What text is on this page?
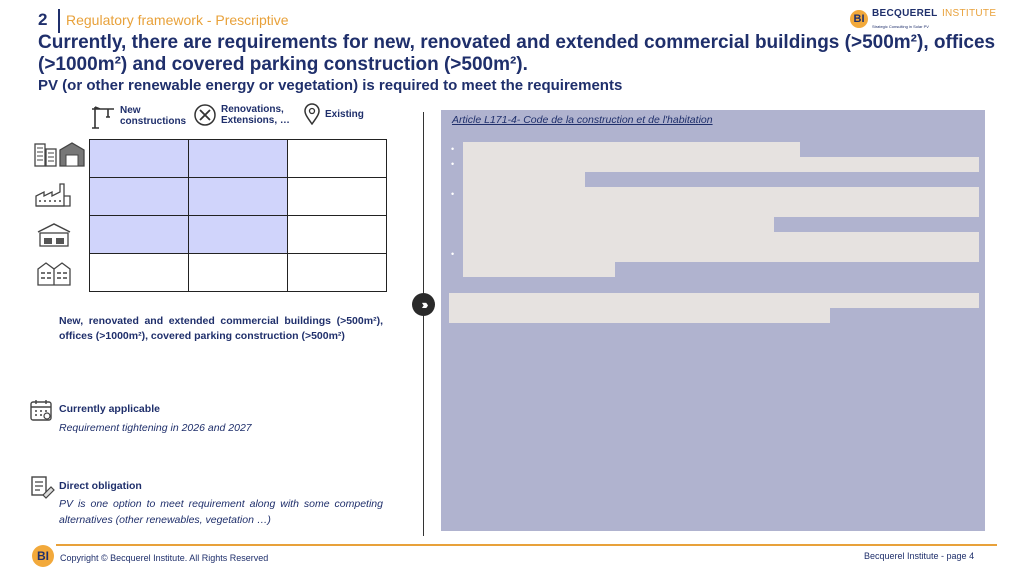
2 Regulatory framework - Prescriptive	BI BECQUEREL INSTITUTE
Strategic Consulting in Solar PV
Currently, there are requirements for new, renovated and extended commercial buildings (>500m²), offices (>1000m²) and covered parking construction (>500m²).
PV (or other renewable energy or vegetation) is required to meet the requirements
New
constructions
Renovations,
Extensions, …
Existing

New, renovated and extended commercial buildings (>500m²), offices (>1000m²), covered parking construction (>500m²)
Currently applicable
Requirement tightening in 2026 and 2027
Direct obligation
PV is one option to meet requirement along with some competing alternatives (other renewables, vegetation …)
›››
•
•
•
•
Article L171-4- Code de la construction et de l'habitation
BI	Copyright © Becquerel Institute. All Rights Reserved	Becquerel Institute - page 4
